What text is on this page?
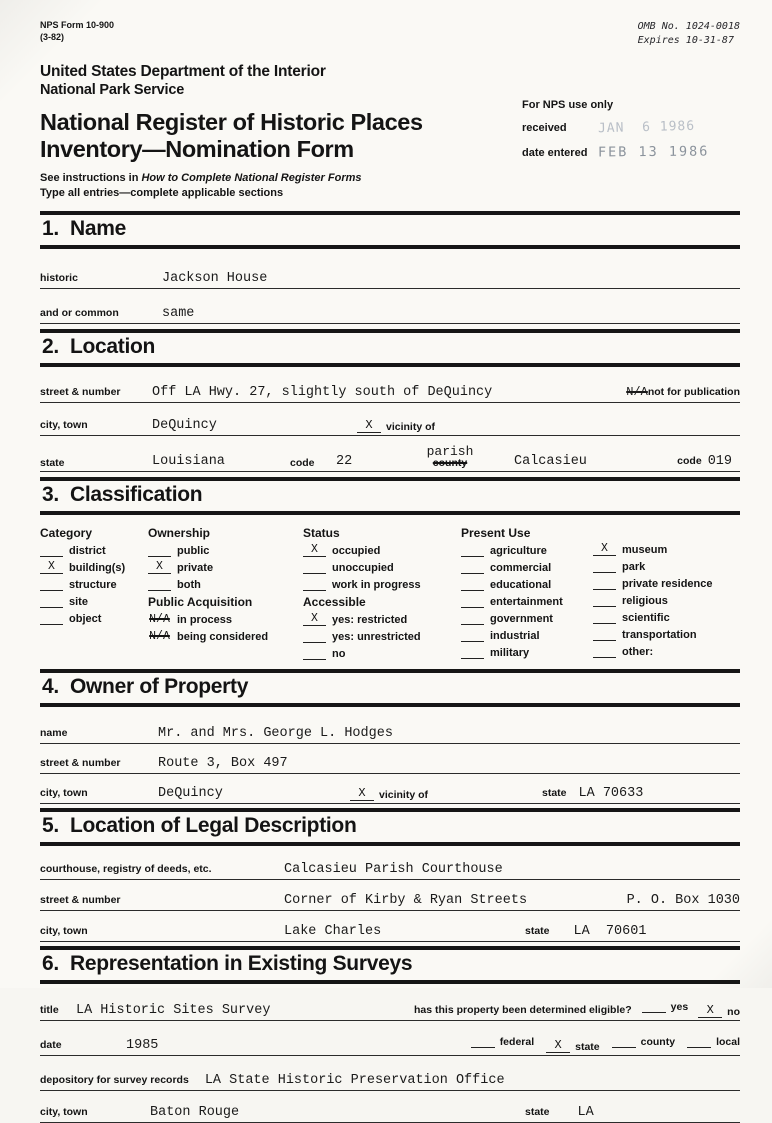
NPS Form 10-900
(3-82)
OMB No. 1024-0018
Expires 10-31-87
United States Department of the Interior
National Park Service
National Register of Historic Places
Inventory—Nomination Form
See instructions in How to Complete National Register Forms
Type all entries—complete applicable sections
For NPS use only
received	JAN  6 1986
date entered FEB 13 1986
1.  Name
historic	Jackson House
and or common	same
2.  Location
street & number	Off LA Hwy. 27, slightly south of DeQuincy	N/A not for publication
city, town	DeQuincy	X	vicinity of
state	Louisiana	code	22
parish
county	Calcasieu	code 019
3.  Classification
Category
district
X	building(s)
structure
site
object
Ownership
public
X	private
both
Public Acquisition
N/A in process
N/A being considered
Status
X	occupied
unoccupied
work in progress
Accessible
X	yes: restricted
yes: unrestricted
no
Present Use
agriculture
commercial
educational
entertainment
government
industrial
military
X	museum
park
private residence
religious
scientific
transportation
other:
4.  Owner of Property
name	Mr. and Mrs. George L. Hodges
street & number	Route 3, Box 497
city, town	DeQuincy	X	vicinity of	state LA 70633
5.  Location of Legal Description
courthouse, registry of deeds, etc.	Calcasieu Parish Courthouse
street & number	Corner of Kirby & Ryan Streets	P. O. Box 1030
city, town	Lake Charles	state LA  70601
6.  Representation in Existing Surveys
title	LA Historic Sites Survey	has this property been determined eligible?	yes	X	no
date	1985	federal	X	state	county	local
depository for survey records LA State Historic Preservation Office
city, town	Baton Rouge	state LA
